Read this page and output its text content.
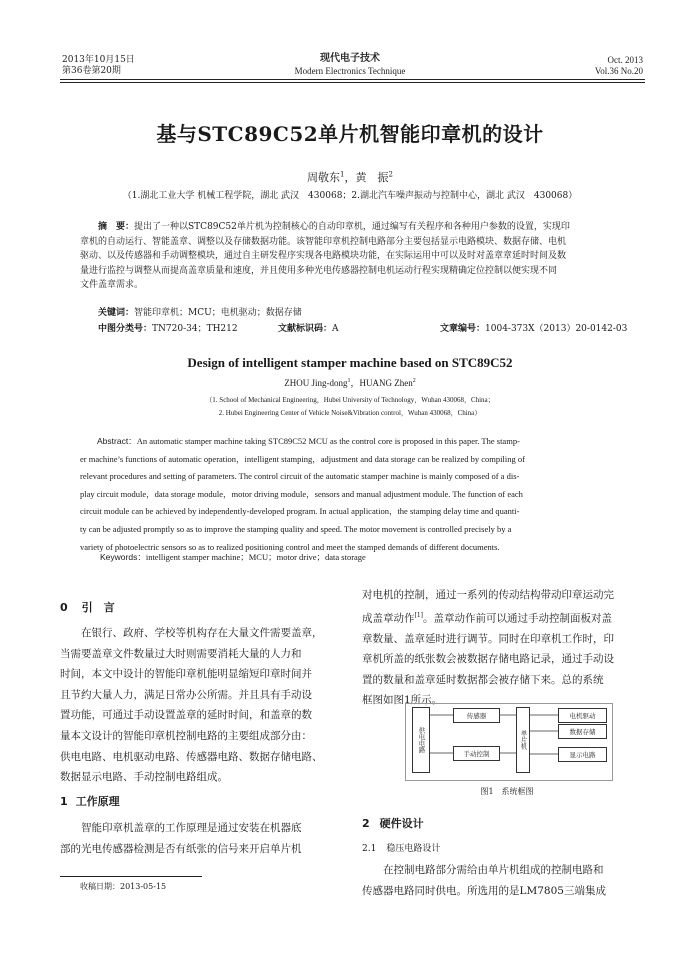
2013年10月15日
第36卷第20期
现代电子技术
Modern Electronics Technique
Oct. 2013
Vol.36 No.20
基与STC89C52单片机智能印章机的设计
周敬东$^1$，黄　振$^2$
（1.湖北工业大学 机械工程学院，湖北 武汉　430068；2.湖北汽车噪声振动与控制中心，湖北 武汉　430068）
摘　要：提出了一种以STC89C52单片机为控制核心的自动印章机，通过编写有关程序和各种用户参数的设置，实现印
章机的自动运行、智能盖章、调整以及存储数据功能。该智能印章机控制电路部分主要包括显示电路模块、数据存储、电机
驱动、以及传感器和手动调整模块，通过自主研发程序实现各电路模块功能，在实际运用中可以及时对盖章章延时时间及数
量进行监控与调整从而提高盖章质量和速度，并且使用多种光电传感器控制电机运动行程实现精确定位控制以便实现不同
文件盖章需求。
关键词：智能印章机；MCU；电机驱动；数据存储
中图分类号：TN720-34；TH212	文献标识码：A	文章编号：1004-373X（2013）20-0142-03
Design of intelligent stamper machine based on STC89C52
ZHOU Jing-dong$^1$，HUANG Zhen$^2$
（1. School of Mechanical Engineering，Hubei University of Technology，Wuhan 430068，China；
2. Hubei Engineering Center of Vehicle Noise&Vibration control，Wuhan 430068，China）
Abstract：An automatic stamper machine taking STC89C52 MCU as the control core is proposed in this paper. The stamp-
er machine’s functions of automatic operation，intelligent stamping，adjustment and data storage can be realized by compiling of
relevant procedures and setting of parameters. The control circuit of the automatic stamper machine is mainly composed of a dis-
play circuit module，data storage module，motor driving module，sensors and manual adjustment module. The function of each
circuit module can be achieved by independently-developed program. In actual application，the stamping delay time and quanti-
ty can be adjusted promptly so as to improve the stamping quality and speed. The motor movement is controlled precisely by a
variety of photoelectric sensors so as to realized positioning control and meet the stamped demands of different documents.
Keywords：intelligent stamper machine；MCU；motor drive；data storage
0 引　言
在银行、政府、学校等机构存在大量文件需要盖章，
当需要盖章文件数量过大时则需要消耗大量的人力和
时间，本文中设计的智能印章机能明显缩短印章时间并
且节约大量人力，满足日常办公所需。并且具有手动设
置功能，可通过手动设置盖章的延时时间，和盖章的数
量本文设计的智能印章机控制电路的主要组成部分由：
供电电路、电机驱动电路、传感器电路、数据存储电路、
数据显示电路、手动控制电路组成。
1 工作原理
智能印章机盖章的工作原理是通过安装在机器底
部的光电传感器检测是否有纸张的信号来开启单片机
收稿日期：2013-05-15
对电机的控制，通过一系列的传动结构带动印章运动完
成盖章动作[1]。盖章动作前可以通过手动控制面板对盖
章数量、盖章延时进行调节。同时在印章机工作时，印
章机所盖的纸张数会被数据存储电路记录，通过手动设
置的数量和盖章延时数据都会被存储下来。总的系统
框图如图1所示。
供电电路
传感器
手动控制
单片机
电机驱动
数据存储
显示电路
图1　系统框图
2 硬件设计
2.1 稳压电路设计
在控制电路部分需给由单片机组成的控制电路和
传感器电路同时供电。所选用的是LM7805三端集成
